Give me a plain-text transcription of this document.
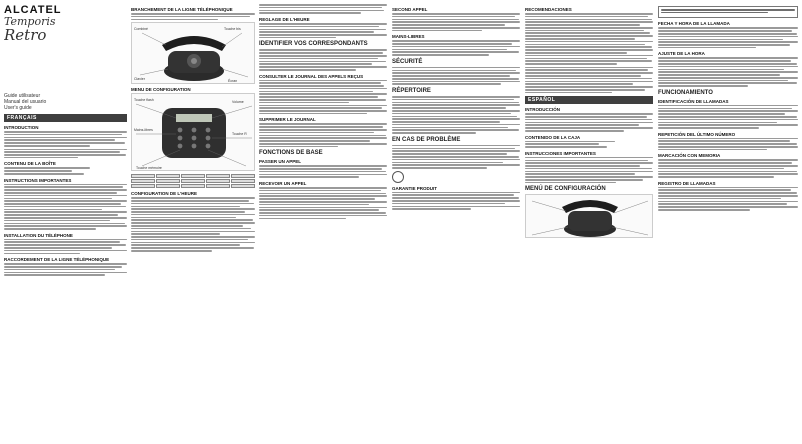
ALCATEL
Temporis
Retro
Guide utilisateur
Manual del usuario
User's guide
FRANÇAIS
INTRODUCTION
CONTENU DE LA BOÎTE
INSTRUCTIONS IMPORTANTES
INSTALLATION DU TÉLÉPHONE
RACCORDEMENT DE LA LIGNE TÉLÉPHONIQUE
BRANCHEMENT DE LA LIGNE TÉLÉPHONIQUE
Combiné	Touche bis
Clavier	Écran
MENU DE CONFIGURATION
Touche flash
Mains-libres
Volume
Touche R
Touche mémoire
CONFIGURATION DE L'HEURE
REGLAGE DE L'HEURE
IDENTIFIER VOS CORRESPONDANTS
CONSULTER LE JOURNAL DES APPELS REÇUS
SUPPRIMER LE JOURNAL
FONCTIONS DE BASE
PASSER UN APPEL
RECEVOIR UN APPEL
SECOND APPEL
MAINS-LIBRES
SÉCURITÉ
RÉPERTOIRE
EN CAS DE PROBLÈME
GARANTIE PRODUIT
RECOMENDACIONES
ESPAÑOL
INTRODUCCIÓN
CONTENIDO DE LA CAJA
INSTRUCCIONES IMPORTANTES
MENÚ DE CONFIGURACIÓN
FECHA Y HORA DE LA LLAMADA
AJUSTE DE LA HORA
FUNCIONAMIENTO
IDENTIFICACIÓN DE LLAMADAS
REPETICIÓN DEL ÚLTIMO NÚMERO
MARCACIÓN CON MEMORIA
REGISTRO DE LLAMADAS
